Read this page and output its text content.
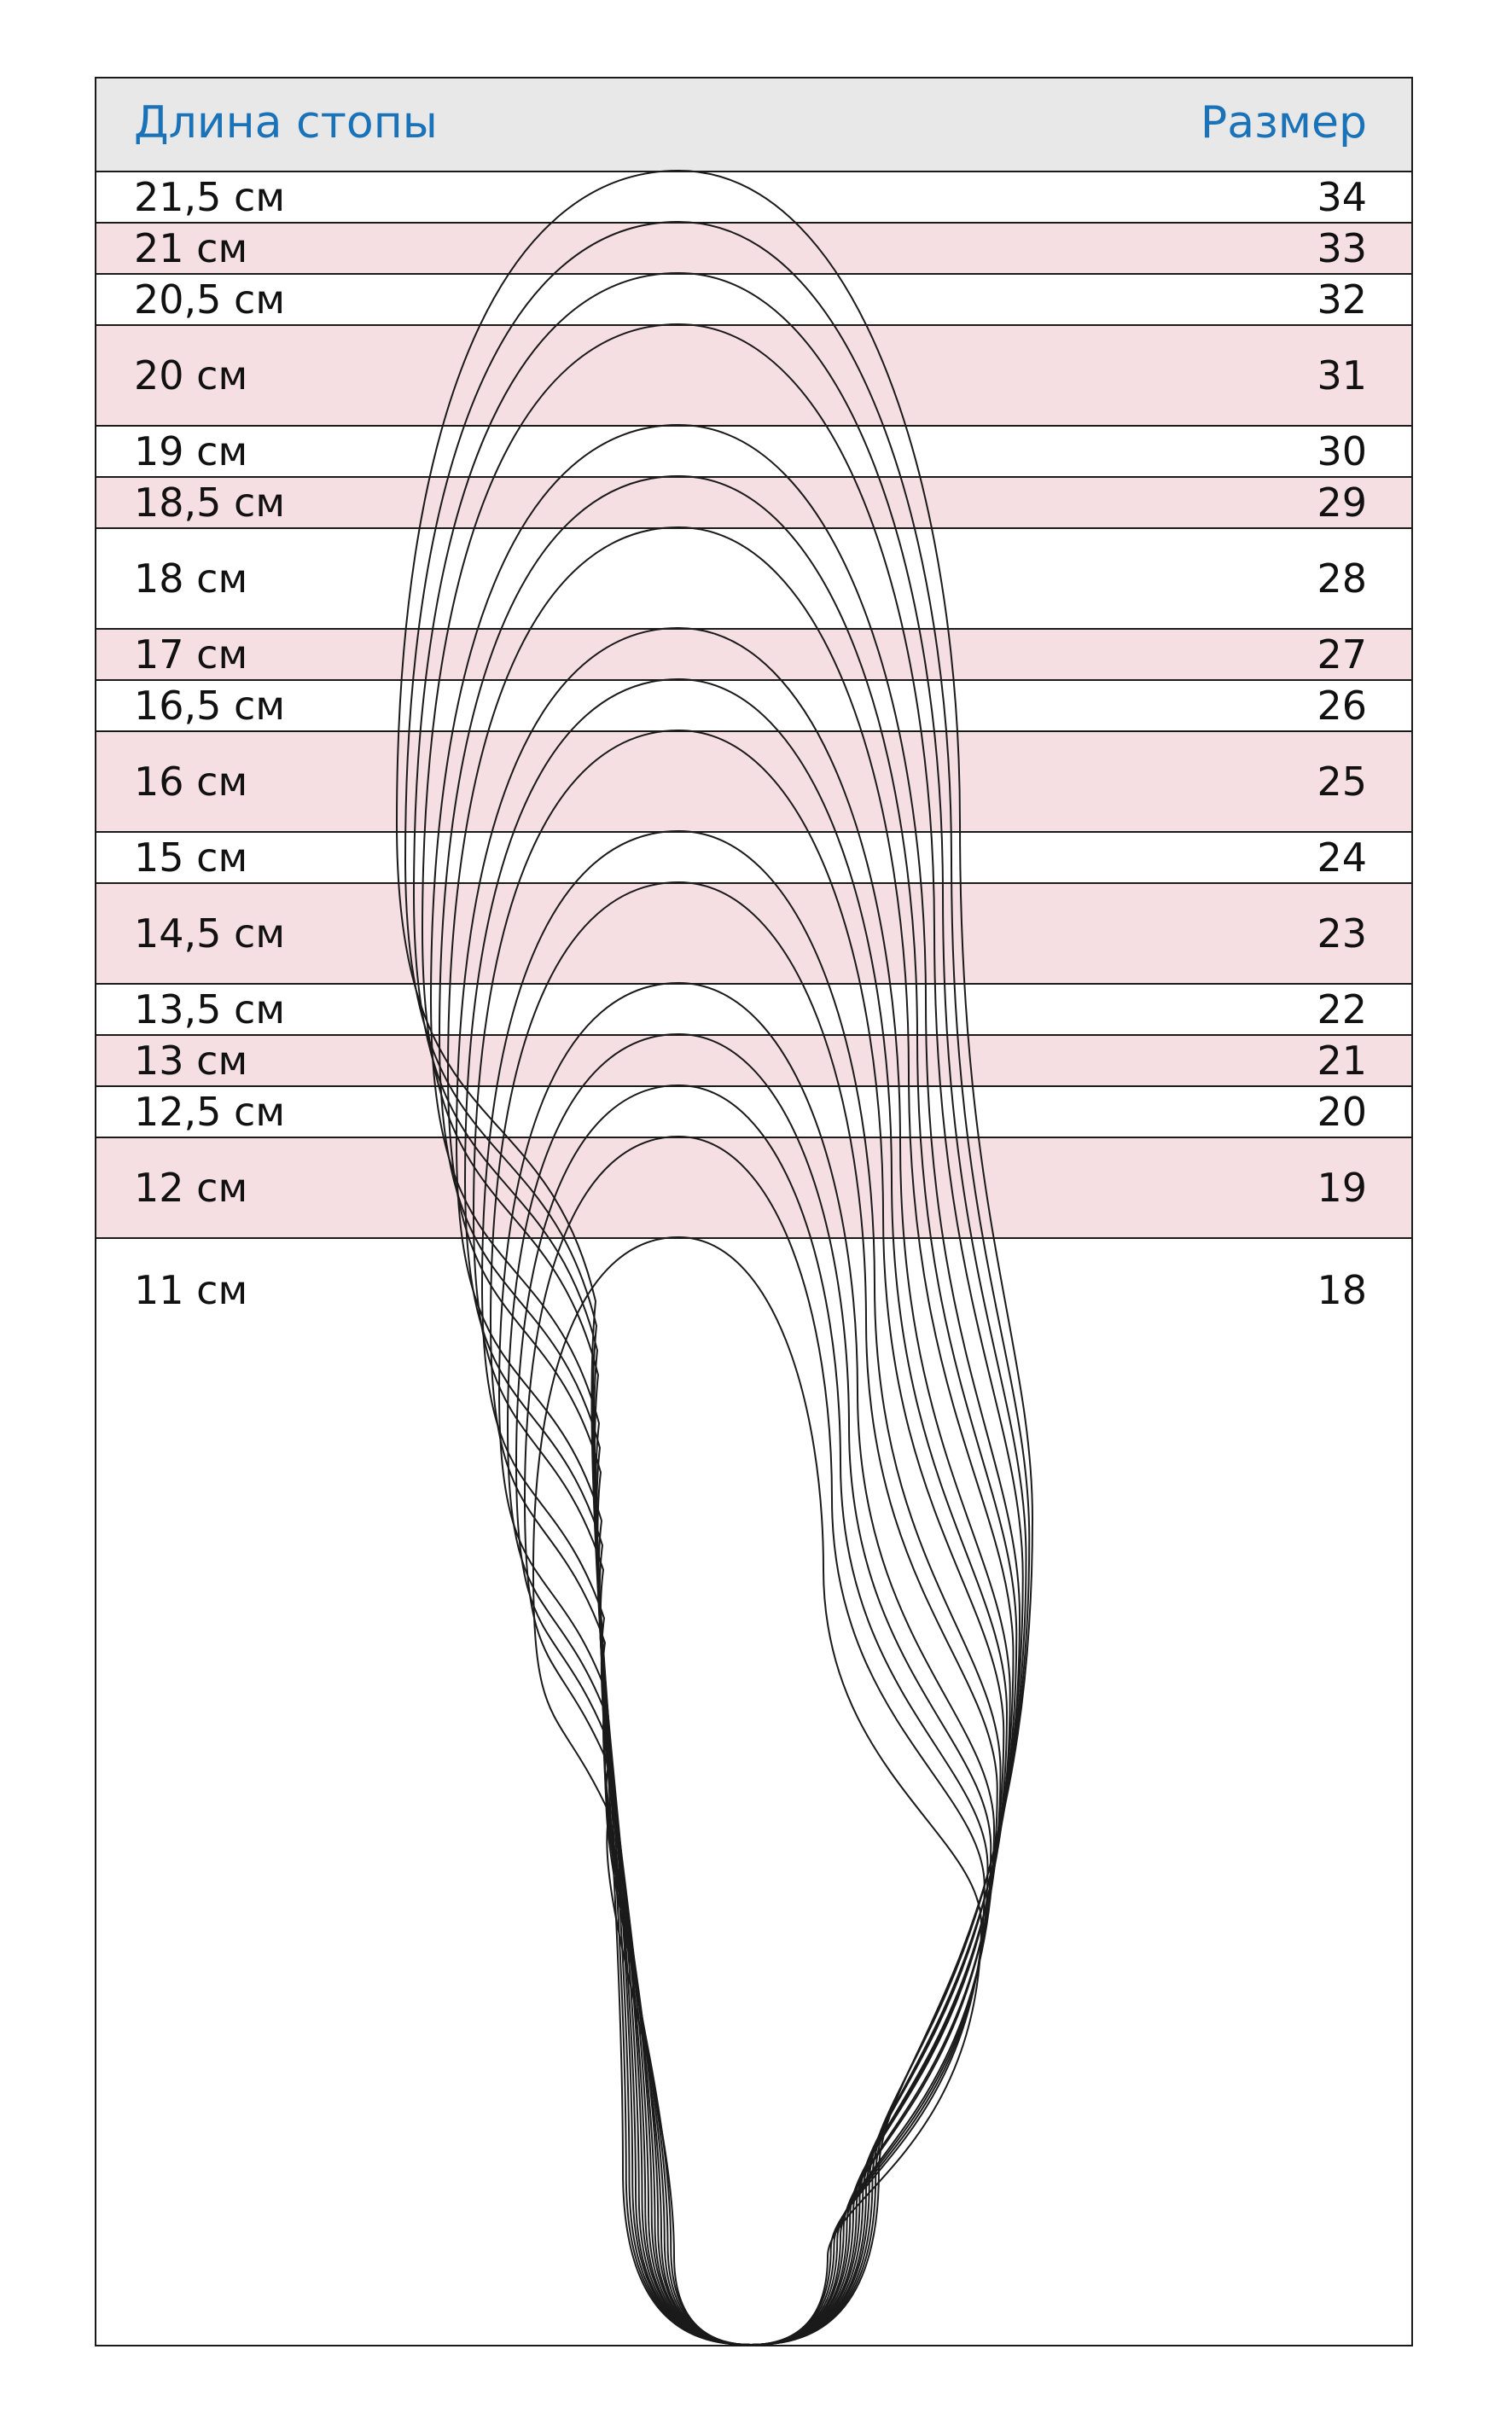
Длина стопы	Размер
21,5 см	34
21 см	33
20,5 см	32
20 см	31
19 см	30
18,5 см	29
18 см	28
17 см	27
16,5 см	26
16 см	25
15 см	24
14,5 см	23
13,5 см	22
13 см	21
12,5 см	20
12 см	19
11 см	18
